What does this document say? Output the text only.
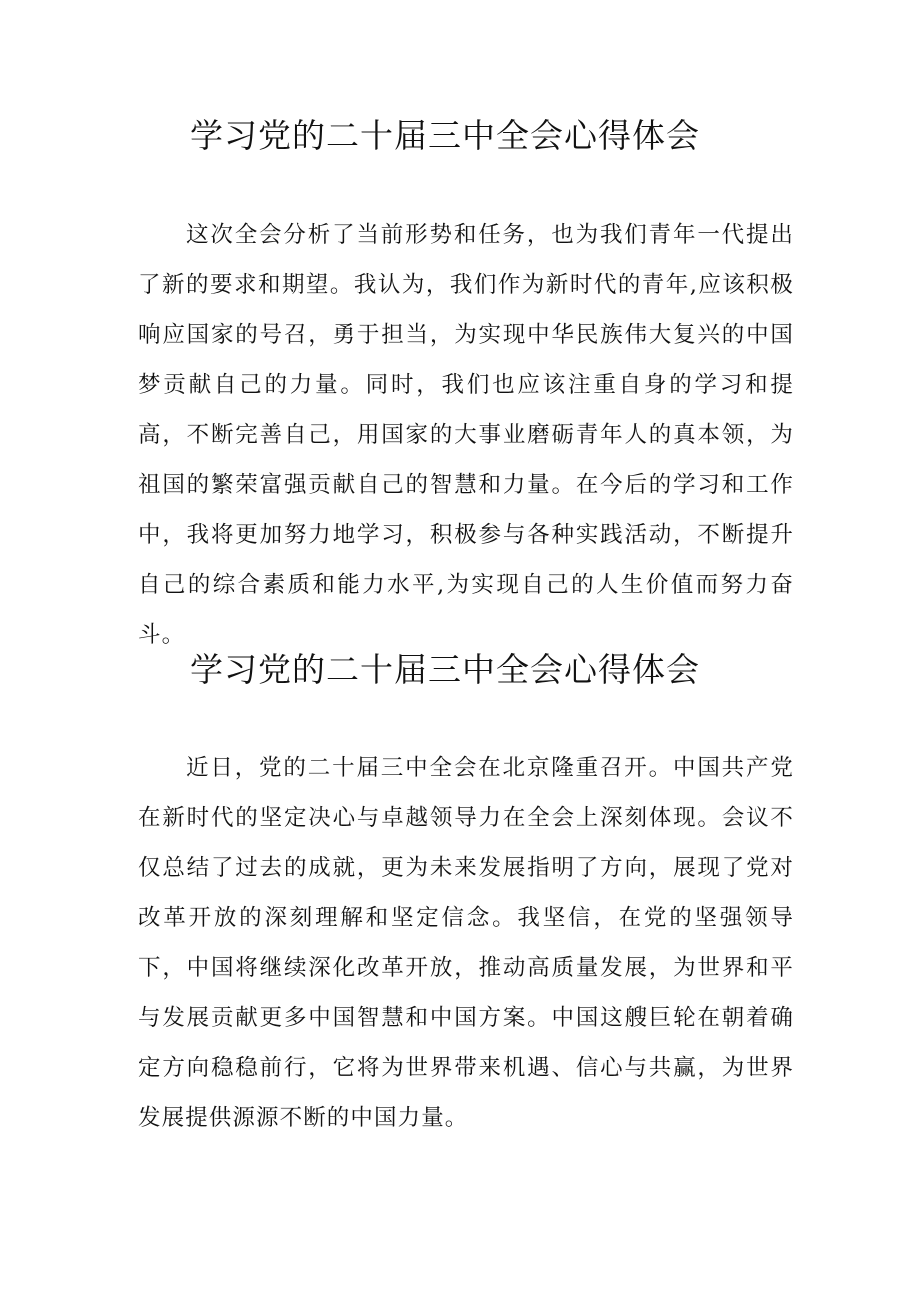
学习党的二十届三中全会心得体会

这次全会分析了当前形势和任务，也为我们青年一代提出了新的要求和期望。我认为，我们作为新时代的青年,应该积极响应国家的号召，勇于担当，为实现中华民族伟大复兴的中国梦贡献自己的力量。同时，我们也应该注重自身的学习和提高，不断完善自己，用国家的大事业磨砺青年人的真本领，为祖国的繁荣富强贡献自己的智慧和力量。在今后的学习和工作中，我将更加努力地学习，积极参与各种实践活动，不断提升自己的综合素质和能力水平,为实现自己的人生价值而努力奋斗。

学习党的二十届三中全会心得体会

近日，党的二十届三中全会在北京隆重召开。中国共产党在新时代的坚定决心与卓越领导力在全会上深刻体现。会议不仅总结了过去的成就，更为未来发展指明了方向，展现了党对改革开放的深刻理解和坚定信念。我坚信，在党的坚强领导下，中国将继续深化改革开放，推动高质量发展，为世界和平与发展贡献更多中国智慧和中国方案。中国这艘巨轮在朝着确定方向稳稳前行，它将为世界带来机遇、信心与共赢，为世界发展提供源源不断的中国力量。
